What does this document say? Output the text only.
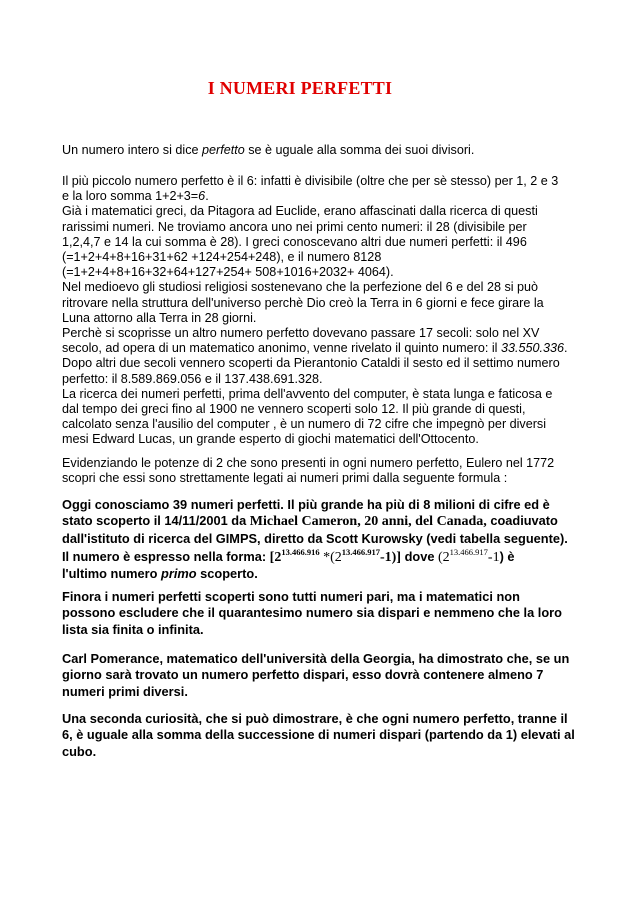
I NUMERI PERFETTI
Un numero intero si dice perfetto se è uguale alla somma dei suoi divisori.
Il più piccolo numero perfetto è il 6: infatti è divisibile (oltre che per sè stesso) per 1, 2 e 3
e la loro somma 1+2+3=6.
Già i matematici greci, da Pitagora ad Euclide, erano affascinati dalla ricerca di questi
rarissimi numeri. Ne troviamo ancora uno nei primi cento numeri: il 28 (divisibile per
1,2,4,7 e 14 la cui somma è 28). I greci conoscevano altri due numeri perfetti: il 496
(=1+2+4+8+16+31+62 +124+254+248), e il numero 8128
(=1+2+4+8+16+32+64+127+254+ 508+1016+2032+ 4064).
Nel medioevo gli studiosi religiosi sostenevano che la perfezione del 6 e del 28 si può
ritrovare nella struttura dell'universo perchè Dio creò la Terra in 6 giorni e fece girare la
Luna attorno alla Terra in 28 giorni.
Perchè si scoprisse un altro numero perfetto dovevano passare 17 secoli: solo nel XV
secolo, ad opera di un matematico anonimo, venne rivelato il quinto numero: il 33.550.336.
Dopo altri due secoli vennero scoperti da Pierantonio Cataldi il sesto ed il settimo numero
perfetto: il 8.589.869.056 e il 137.438.691.328.
La ricerca dei numeri perfetti, prima dell'avvento del computer, è stata lunga e faticosa e
dal tempo dei greci fino al 1900 ne vennero scoperti solo 12. Il più grande di questi,
calcolato senza l'ausilio del computer , è un numero di 72 cifre che impegnò per diversi
mesi Edward Lucas, un grande esperto di giochi matematici dell'Ottocento.
Evidenziando le potenze di 2 che sono presenti in ogni numero perfetto, Eulero nel 1772
scopri che essi sono strettamente legati ai numeri primi dalla seguente formula :
Oggi conosciamo 39 numeri perfetti. Il più grande ha più di 8 milioni di cifre ed è
stato scoperto il 14/11/2001 da Michael Cameron, 20 anni, del Canada, coadiuvato
dall'istituto di ricerca del GIMPS, diretto da Scott Kurowsky (vedi tabella seguente).
Il numero è espresso nella forma: [$2^{13.466.916}$ $*(2^{13.466.917}-1)$] dove $(2^{13.466.917}-1)$ è
l'ultimo numero primo scoperto.
Finora i numeri perfetti scoperti sono tutti numeri pari, ma i matematici non
possono escludere che il quarantesimo numero sia dispari e nemmeno che la loro
lista sia finita o infinita.
Carl Pomerance, matematico dell'università della Georgia, ha dimostrato che, se un
giorno sarà trovato un numero perfetto dispari, esso dovrà contenere almeno 7
numeri primi diversi.
Una seconda curiosità, che si può dimostrare, è che ogni numero perfetto, tranne il
6, è uguale alla somma della successione di numeri dispari (partendo da 1) elevati al
cubo.
